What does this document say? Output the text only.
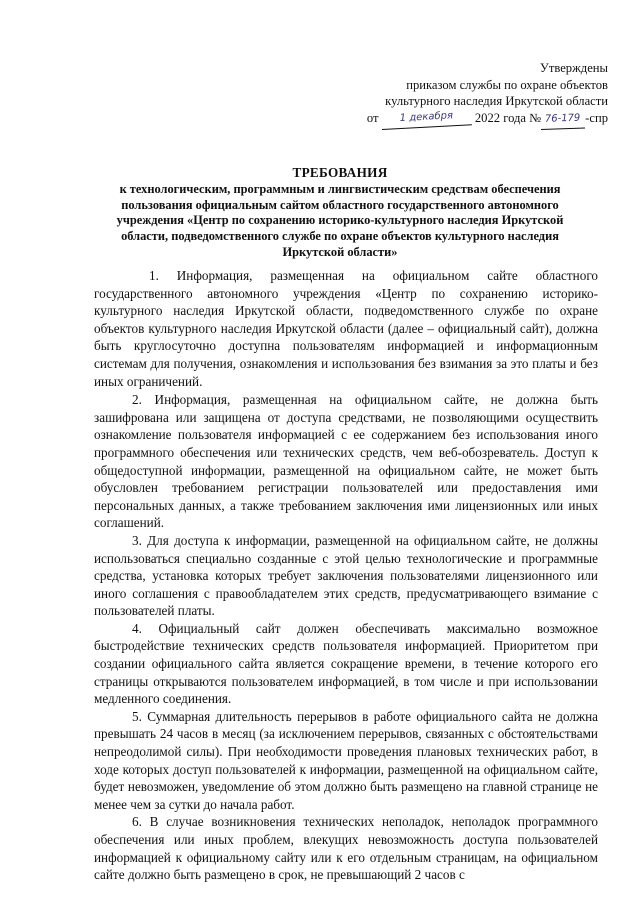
Утверждены
приказом службы по охране объектов
культурного наследия Иркутской области
от 1 декабря 2022 года № 76-179 -спр
ТРЕБОВАНИЯ
к технологическим, программным и лингвистическим средствам обеспечения пользования официальным сайтом областного государственного автономного учреждения «Центр по сохранению историко-культурного наследия Иркутской области, подведомственного службе по охране объектов культурного наследия Иркутской области»

1. Информация, размещенная на официальном сайте областного государственного автономного учреждения «Центр по сохранению историко-культурного наследия Иркутской области, подведомственного службе по охране объектов культурного наследия Иркутской области (далее – официальный сайт), должна быть круглосуточно доступна пользователям информацией и информационным системам для получения, ознакомления и использования без взимания за это платы и без иных ограничений.

2. Информация, размещенная на официальном сайте, не должна быть зашифрована или защищена от доступа средствами, не позволяющими осуществить ознакомление пользователя информацией с ее содержанием без использования иного программного обеспечения или технических средств, чем веб-обозреватель. Доступ к общедоступной информации, размещенной на официальном сайте, не может быть обусловлен требованием регистрации пользователей или предоставления ими персональных данных, а также требованием заключения ими лицензионных или иных соглашений.

3. Для доступа к информации, размещенной на официальном сайте, не должны использоваться специально созданные с этой целью технологические и программные средства, установка которых требует заключения пользователями лицензионного или иного соглашения с правообладателем этих средств, предусматривающего взимание с пользователей платы.

4. Официальный сайт должен обеспечивать максимально возможное быстродействие технических средств пользователя информацией. Приоритетом при создании официального сайта является сокращение времени, в течение которого его страницы открываются пользователем информацией, в том числе и при использовании медленного соединения.

5. Суммарная длительность перерывов в работе официального сайта не должна превышать 24 часов в месяц (за исключением перерывов, связанных с обстоятельствами непреодолимой силы). При необходимости проведения плановых технических работ, в ходе которых доступ пользователей к информации, размещенной на официальном сайте, будет невозможен, уведомление об этом должно быть размещено на главной странице не менее чем за сутки до начала работ.

6. В случае возникновения технических неполадок, неполадок программного обеспечения или иных проблем, влекущих невозможность доступа пользователей информацией к официальному сайту или к его отдельным страницам, на официальном сайте должно быть размещено в срок, не превышающий 2 часов с
